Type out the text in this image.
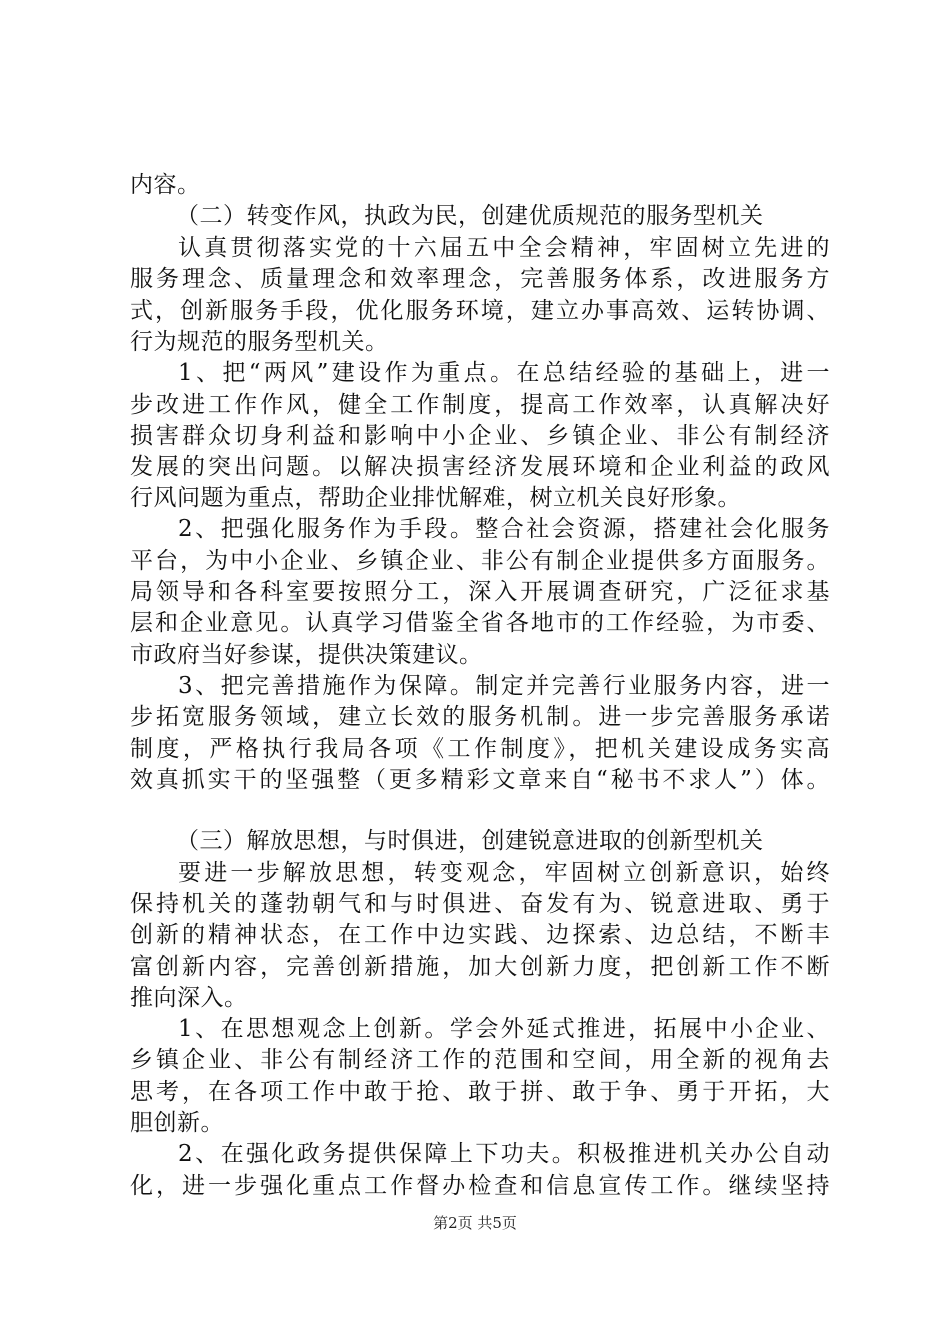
内容。
（二）转变作风，执政为民，创建优质规范的服务型机关
认真贯彻落实党的十六届五中全会精神，牢固树立先进的
服务理念、质量理念和效率理念，完善服务体系，改进服务方
式，创新服务手段，优化服务环境，建立办事高效、运转协调、
行为规范的服务型机关。
1、把“两风”建设作为重点。在总结经验的基础上，进一
步改进工作作风，健全工作制度，提高工作效率，认真解决好
损害群众切身利益和影响中小企业、乡镇企业、非公有制经济
发展的突出问题。以解决损害经济发展环境和企业利益的政风
行风问题为重点，帮助企业排忧解难，树立机关良好形象。
2、把强化服务作为手段。整合社会资源，搭建社会化服务
平台，为中小企业、乡镇企业、非公有制企业提供多方面服务。
局领导和各科室要按照分工，深入开展调查研究，广泛征求基
层和企业意见。认真学习借鉴全省各地市的工作经验，为市委、
市政府当好参谋，提供决策建议。
3、把完善措施作为保障。制定并完善行业服务内容，进一
步拓宽服务领域，建立长效的服务机制。进一步完善服务承诺
制度，严格执行我局各项《工作制度》，把机关建设成务实高
效真抓实干的坚强整（更多精彩文章来自“秘书不求人”）体。
（三）解放思想，与时俱进，创建锐意进取的创新型机关
要进一步解放思想，转变观念，牢固树立创新意识，始终
保持机关的蓬勃朝气和与时俱进、奋发有为、锐意进取、勇于
创新的精神状态，在工作中边实践、边探索、边总结，不断丰
富创新内容，完善创新措施，加大创新力度，把创新工作不断
推向深入。
1、在思想观念上创新。学会外延式推进，拓展中小企业、
乡镇企业、非公有制经济工作的范围和空间，用全新的视角去
思考，在各项工作中敢于抢、敢于拼、敢于争、勇于开拓，大
胆创新。
2、在强化政务提供保障上下功夫。积极推进机关办公自动
化，进一步强化重点工作督办检查和信息宣传工作。继续坚持
第2页 共5页
